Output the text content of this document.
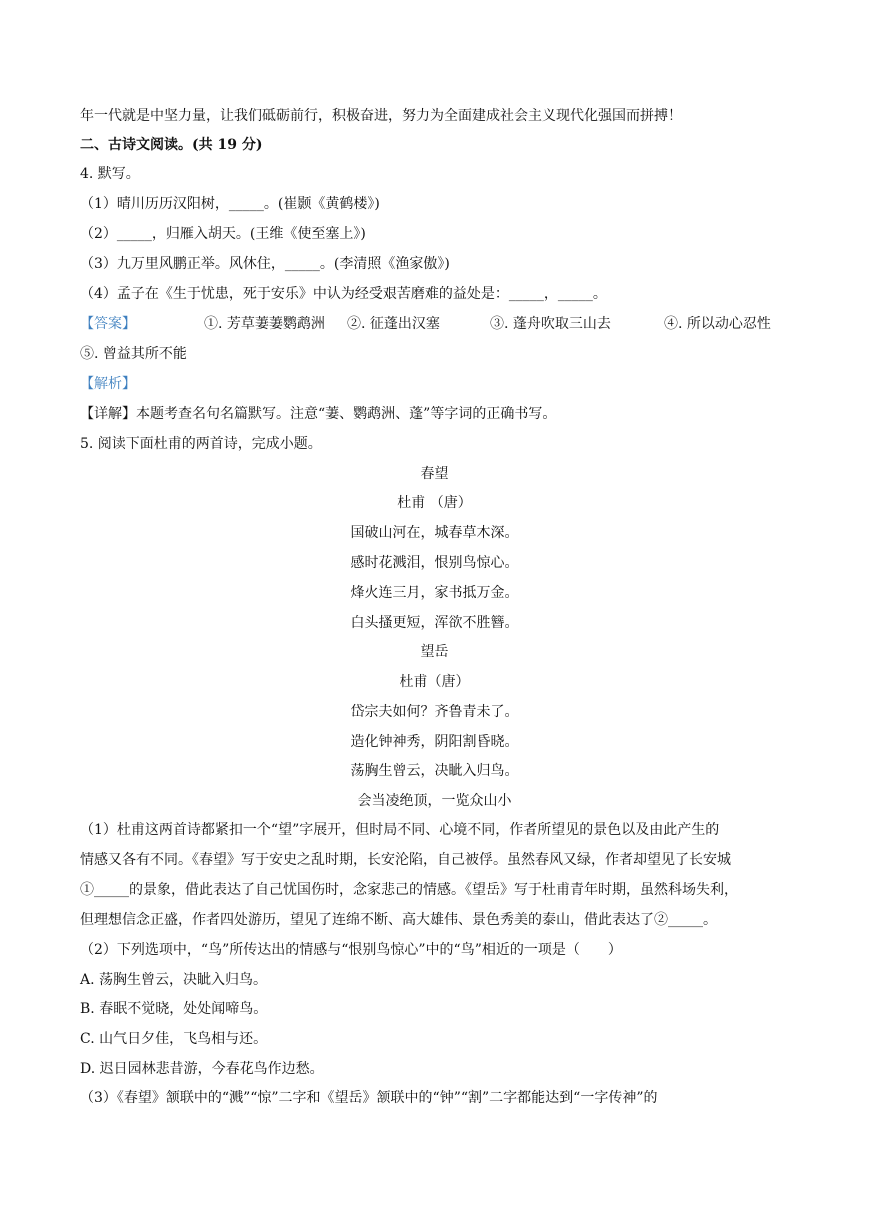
年一代就是中坚力量，让我们砥砺前行，积极奋进，努力为全面建成社会主义现代化强国而拼搏！
二、古诗文阅读。(共 19 分)
4. 默写。
（1）晴川历历汉阳树，_____。(崔颢《黄鹤楼》)
（2）_____，归雁入胡天。(王维《使至塞上》)
（3）九万里风鹏正举。风休住，_____。(李清照《渔家傲》)
（4）孟子在《生于忧患，死于安乐》中认为经受艰苦磨难的益处是：_____，_____。
【答案】	①. 芳草萋萋鹦鹉洲 ②. 征蓬出汉塞	③. 蓬舟吹取三山去	④. 所以动心忍性
⑤. 曾益其所不能
【解析】
【详解】本题考查名句名篇默写。注意“萋、鹦鹉洲、蓬”等字词的正确书写。
5. 阅读下面杜甫的两首诗，完成小题。
春望
杜甫 （唐）
国破山河在，城春草木深。
感时花溅泪，恨别鸟惊心。
烽火连三月，家书抵万金。
白头搔更短，浑欲不胜簪。
望岳
杜甫（唐）
岱宗夫如何？齐鲁青未了。
造化钟神秀，阴阳割昏晓。
荡胸生曾云，决眦入归鸟。
会当凌绝顶，一览众山小
（1）杜甫这两首诗都紧扣一个“望”字展开，但时局不同、心境不同，作者所望见的景色以及由此产生的
情感又各有不同。《春望》写于安史之乱时期，长安沦陷，自己被俘。虽然春风又绿，作者却望见了长安城
①_____的景象，借此表达了自己忧国伤时，念家悲己的情感。《望岳》写于杜甫青年时期，虽然科场失利，
但理想信念正盛，作者四处游历，望见了连绵不断、高大雄伟、景色秀美的泰山，借此表达了②_____。
（2）下列选项中，“鸟”所传达出的情感与“恨别鸟惊心”中的“鸟”相近的一项是（　　）
A. 荡胸生曾云，决眦入归鸟。
B. 春眠不觉晓，处处闻啼鸟。
C. 山气日夕佳，飞鸟相与还。
D. 迟日园林悲昔游，今春花鸟作边愁。
（3）《春望》颔联中的“溅”“惊”二字和《望岳》颔联中的“钟”“割”二字都能达到“一字传神”的
